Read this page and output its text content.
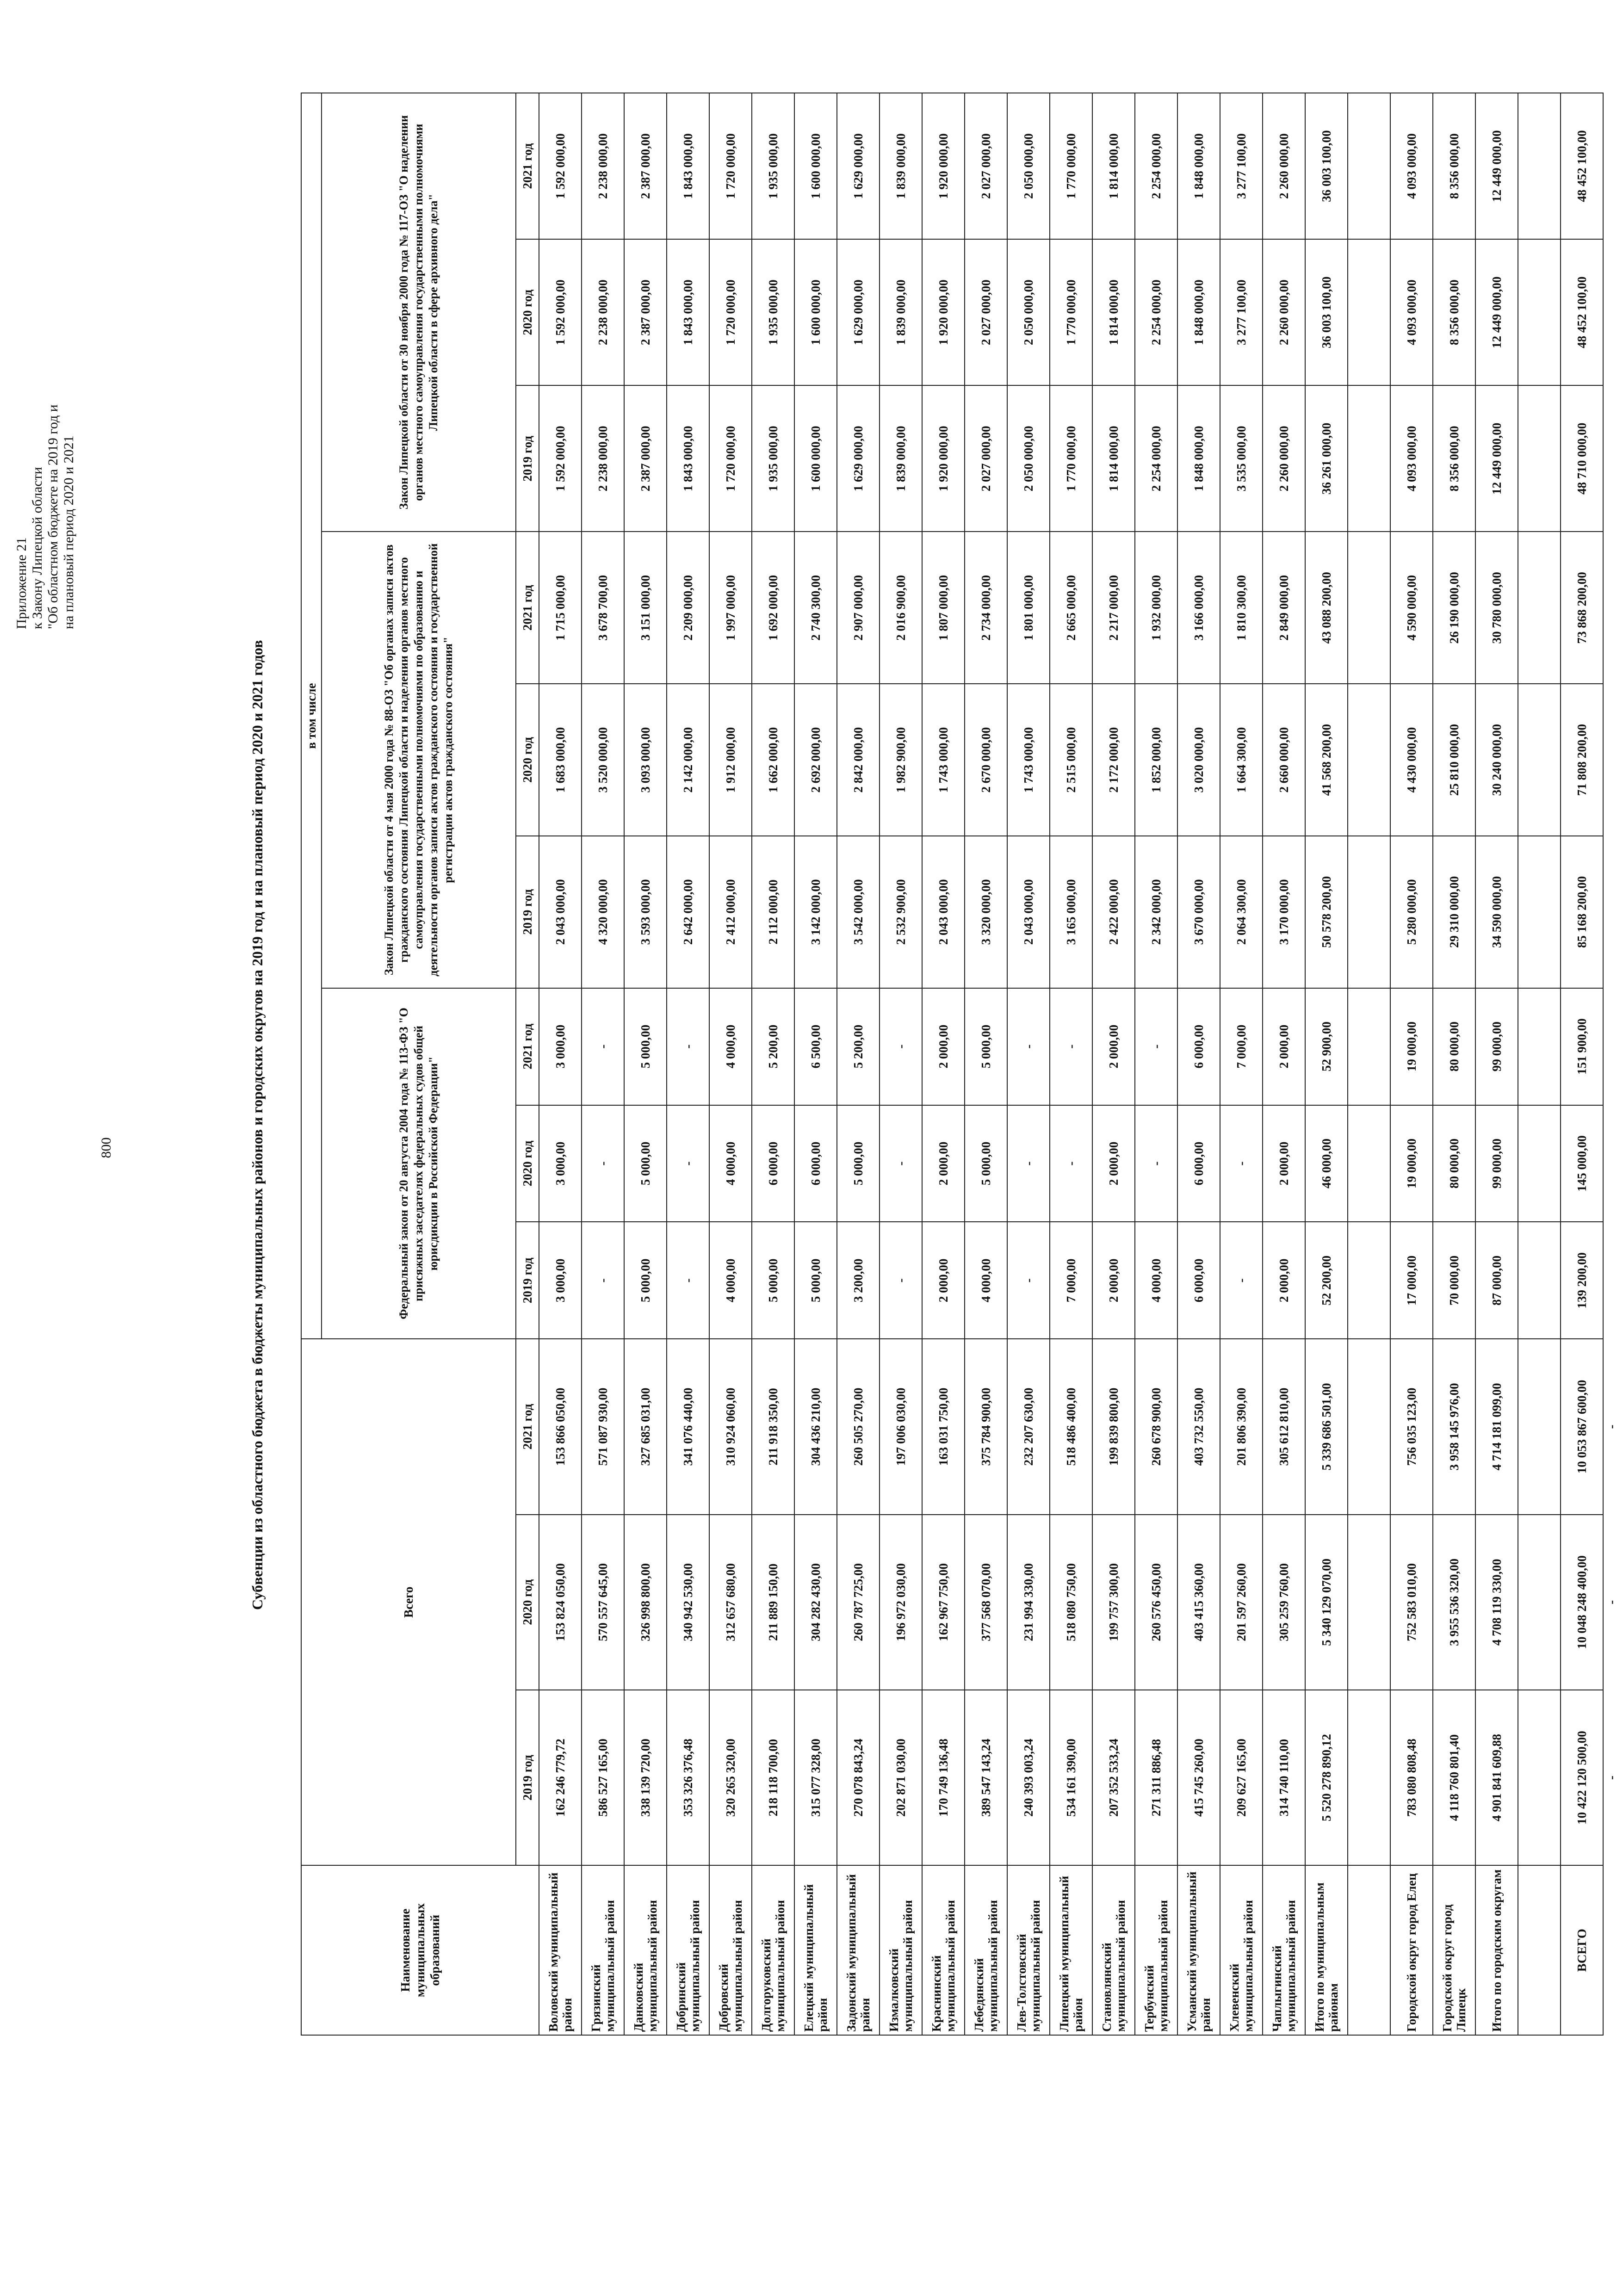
800
Приложение 21 к Закону Липецкой области "Об областном бюджете на 2019 год и на плановый период 2020 и 2021
Субвенции из областного бюджета в бюджеты муниципальных районов и городских округов на 2019 год и на плановый период 2020 и 2021 годов
Наименование муниципальных образований	Всего			в том числе								
				Федеральный закон от 20 августа 2004 года № 113-ФЗ "О присяжных заседателях федеральных судов общей юрисдикции в Российской Федерации"			Закон Липецкой области от 4 мая 2000 года № 88-ОЗ "Об органах записи актов гражданского состояния Липецкой области и наделении органов местного самоуправления государственными полномочиями по образованию и деятельности органов записи актов гражданского состояния и государственной регистрации актов гражданского состояния"			Закон Липецкой области от 30 ноября 2000 года № 117-ОЗ "О наделении органов местного самоуправления государственными полномочиями Липецкой области в сфере архивного дела"		
	2019 год	2020 год	2021 год	2019 год	2020 год	2021 год	2019 год	2020 год	2021 год	2019 год	2020 год	2021 год
Воловский муниципальный район	162 246 779,72	153 824 050,00	153 866 050,00	3 000,00	3 000,00	3 000,00	2 043 000,00	1 683 000,00	1 715 000,00	1 592 000,00	1 592 000,00	1 592 000,00
Грязинский муниципальный район	586 527 165,00	570 557 645,00	571 087 930,00	-	-	-	4 320 000,00	3 520 000,00	3 678 700,00	2 238 000,00	2 238 000,00	2 238 000,00
Данковский муниципальный район	338 139 720,00	326 998 800,00	327 685 031,00	5 000,00	5 000,00	5 000,00	3 593 000,00	3 093 000,00	3 151 000,00	2 387 000,00	2 387 000,00	2 387 000,00
Добринский муниципальный район	353 326 376,48	340 942 530,00	341 076 440,00	-	-	-	2 642 000,00	2 142 000,00	2 209 000,00	1 843 000,00	1 843 000,00	1 843 000,00
Добровский муниципальный район	320 265 320,00	312 657 680,00	310 924 060,00	4 000,00	4 000,00	4 000,00	2 412 000,00	1 912 000,00	1 997 000,00	1 720 000,00	1 720 000,00	1 720 000,00
Долгоруковский муниципальный район	218 118 700,00	211 889 150,00	211 918 350,00	5 000,00	6 000,00	5 200,00	2 112 000,00	1 662 000,00	1 692 000,00	1 935 000,00	1 935 000,00	1 935 000,00
Елецкий муниципальный район	315 077 328,00	304 282 430,00	304 436 210,00	5 000,00	6 000,00	6 500,00	3 142 000,00	2 692 000,00	2 740 300,00	1 600 000,00	1 600 000,00	1 600 000,00
Задонский муниципальный район	270 078 843,24	260 787 725,00	260 505 270,00	3 200,00	5 000,00	5 200,00	3 542 000,00	2 842 000,00	2 907 000,00	1 629 000,00	1 629 000,00	1 629 000,00
Измалковский муниципальный район	202 871 030,00	196 972 030,00	197 006 030,00	-	-	-	2 532 900,00	1 982 900,00	2 016 900,00	1 839 000,00	1 839 000,00	1 839 000,00
Краснинский муниципальный район	170 749 136,48	162 967 750,00	163 031 750,00	2 000,00	2 000,00	2 000,00	2 043 000,00	1 743 000,00	1 807 000,00	1 920 000,00	1 920 000,00	1 920 000,00
Лебедянский муниципальный район	389 547 143,24	377 568 070,00	375 784 900,00	4 000,00	5 000,00	5 000,00	3 320 000,00	2 670 000,00	2 734 000,00	2 027 000,00	2 027 000,00	2 027 000,00
Лев-Толстовский муниципальный район	240 393 003,24	231 994 330,00	232 207 630,00	-	-	-	2 043 000,00	1 743 000,00	1 801 000,00	2 050 000,00	2 050 000,00	2 050 000,00
Липецкий муниципальный район	534 161 390,00	518 080 750,00	518 486 400,00	7 000,00	-	-	3 165 000,00	2 515 000,00	2 665 000,00	1 770 000,00	1 770 000,00	1 770 000,00
Становлянский муниципальный район	207 352 533,24	199 757 300,00	199 839 800,00	2 000,00	2 000,00	2 000,00	2 422 000,00	2 172 000,00	2 217 000,00	1 814 000,00	1 814 000,00	1 814 000,00
Тербунский муниципальный район	271 311 886,48	260 576 450,00	260 678 900,00	4 000,00	-	-	2 342 000,00	1 852 000,00	1 932 000,00	2 254 000,00	2 254 000,00	2 254 000,00
Усманский муниципальный район	415 745 260,00	403 415 360,00	403 732 550,00	6 000,00	6 000,00	6 000,00	3 670 000,00	3 020 000,00	3 166 000,00	1 848 000,00	1 848 000,00	1 848 000,00
Хлевенский муниципальный район	209 627 165,00	201 597 260,00	201 806 390,00	-	-	7 000,00	2 064 300,00	1 664 300,00	1 810 300,00	3 535 000,00	3 277 100,00	3 277 100,00
Чаплыгинский муниципальный район	314 740 110,00	305 259 760,00	305 612 810,00	2 000,00	2 000,00	2 000,00	3 170 000,00	2 660 000,00	2 849 000,00	2 260 000,00	2 260 000,00	2 260 000,00
Итого по муниципальным районам	5 520 278 890,12	5 340 129 070,00	5 339 686 501,00	52 200,00	46 000,00	52 900,00	50 578 200,00	41 568 200,00	43 088 200,00	36 261 000,00	36 003 100,00	36 003 100,00

Городской округ город Елец	783 080 808,48	752 583 010,00	756 035 123,00	17 000,00	19 000,00	19 000,00	5 280 000,00	4 430 000,00	4 590 000,00	4 093 000,00	4 093 000,00	4 093 000,00
Городской округ город Липецк	4 118 760 801,40	3 955 536 320,00	3 958 145 976,00	70 000,00	80 000,00	80 000,00	29 310 000,00	25 810 000,00	26 190 000,00	8 356 000,00	8 356 000,00	8 356 000,00
Итого по городским округам	4 901 841 609,88	4 708 119 330,00	4 714 181 099,00	87 000,00	99 000,00	99 000,00	34 590 000,00	30 240 000,00	30 780 000,00	12 449 000,00	12 449 000,00	12 449 000,00

ВСЕГО	10 422 120 500,00	10 048 248 400,00	10 053 867 600,00	139 200,00	145 000,00	151 900,00	85 168 200,00	71 808 200,00	73 868 200,00	48 710 000,00	48 452 100,00	48 452 100,00
	-	-	-									
